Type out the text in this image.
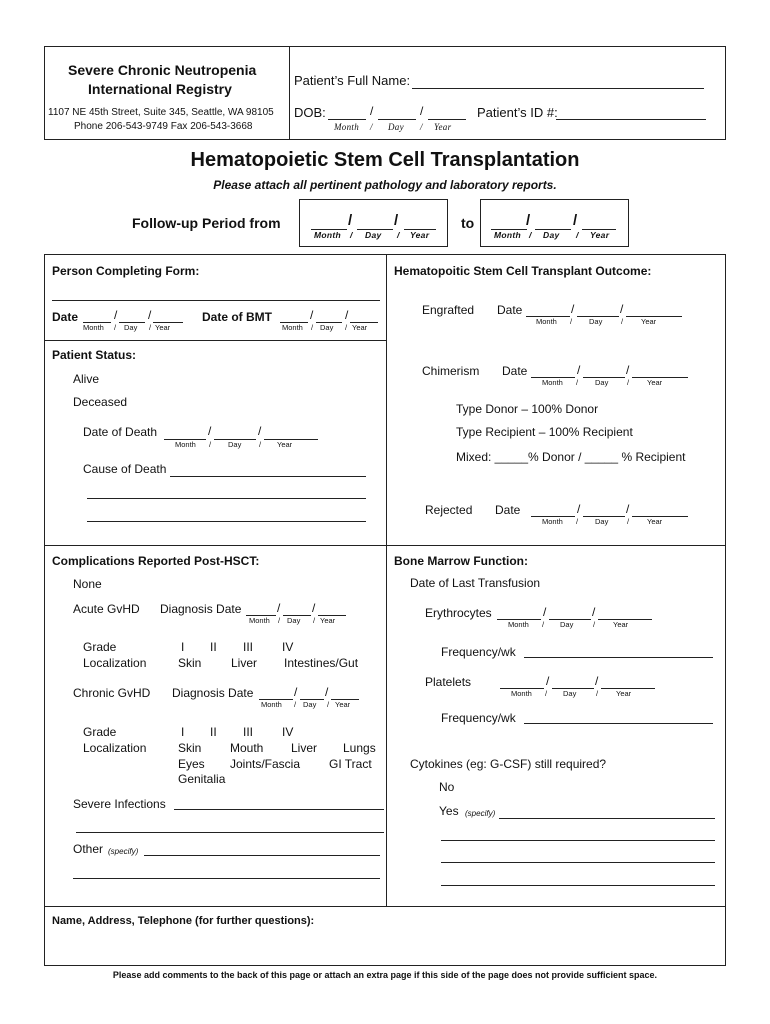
Severe Chronic Neutropenia
International Registry
1107 NE 45th Street, Suite 345, Seattle, WA 98105
Phone 206-543-9749 Fax 206-543-3668
Patient’s Full Name:
DOB:	/	/
Month / Day / Year
Patient’s ID #:
Hematopoietic Stem Cell Transplantation
Please attach all pertinent pathology and laboratory reports.
Follow-up Period from	/	/
Month / Day / Year
to	/	/
Month / Day / Year
Person Completing Form:
Date	/	/
Month / Day / Year
Date of BMT	/	/
Month / Day / Year
Patient Status:
Alive
Deceased
Date of Death	/	/
Month / Day / Year
Cause of Death
Hematopoitic Stem Cell Transplant Outcome:
Engrafted Date	/	/
Month / Day / Year
Chimerism Date	/	/
Month / Day / Year
Type Donor – 100% Donor
Type Recipient – 100% Recipient
Mixed: _____% Donor / _____ % Recipient
Rejected Date	/	/
Month / Day / Year
Complications Reported Post-HSCT:
None
Acute GvHD Diagnosis Date	/	/
Month / Day / Year
Grade	I II III IV
Localization	Skin Liver Intestines/Gut
Chronic GvHD Diagnosis Date	/ /
Month / Day / Year
Grade	I II III IV
Localization	Skin Mouth Liver Lungs
Eyes Joints/Fascia GI Tract
Genitalia
Severe Infections
Other (specify)
Bone Marrow Function:
Date of Last Transfusion
Erythrocytes	/	/
Month / Day	/ Year
Frequency/wk
Platelets	/	/
Month / Day	/ Year
Frequency/wk
Cytokines (eg: G-CSF) still required?
No
Yes (specify)
Name, Address, Telephone (for further questions):
Please add comments to the back of this page or attach an extra page if this side of the page does not provide sufficient space.
